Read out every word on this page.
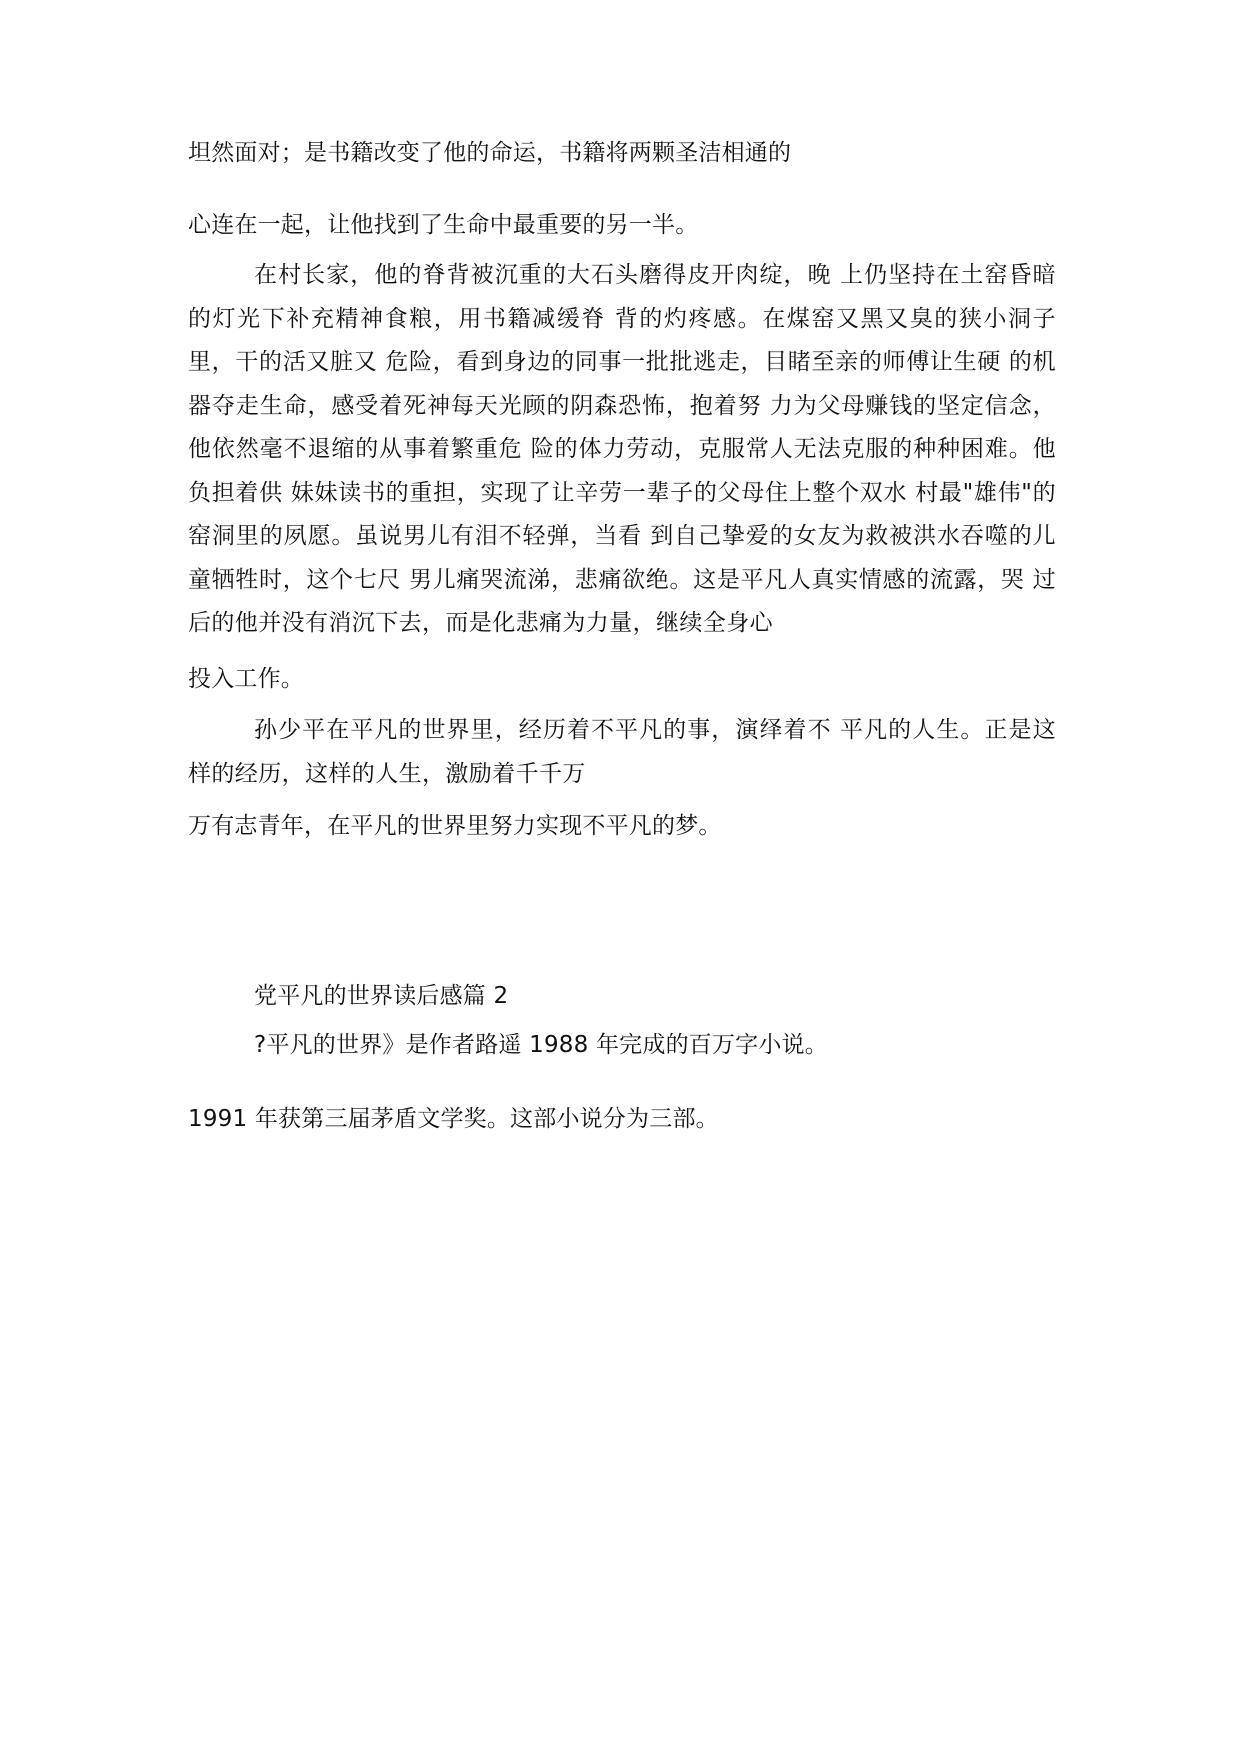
坦然面对；是书籍改变了他的命运，书籍将两颗圣洁相通的
心连在一起，让他找到了生命中最重要的另一半。
在村长家，他的脊背被沉重的大石头磨得皮开肉绽，晚 上仍坚持在土窑昏暗的灯光下补充精神食粮，用书籍减缓脊 背的灼疼感。在煤窑又黑又臭的狭小洞子里，干的活又脏又 危险，看到身边的同事一批批逃走，目睹至亲的师傅让生硬 的机器夺走生命，感受着死神每天光顾的阴森恐怖，抱着努 力为父母赚钱的坚定信念，他依然毫不退缩的从事着繁重危 险的体力劳动，克服常人无法克服的种种困难。他负担着供 妹妹读书的重担，实现了让辛劳一辈子的父母住上整个双水 村最"雄伟"的窑洞里的夙愿。虽说男儿有泪不轻弹，当看 到自己挚爱的女友为救被洪水吞噬的儿童牺牲时，这个七尺 男儿痛哭流涕，悲痛欲绝。这是平凡人真实情感的流露，哭 过后的他并没有消沉下去，而是化悲痛为力量，继续全身心
投入工作。
孙少平在平凡的世界里，经历着不平凡的事，演绎着不 平凡的人生。正是这样的经历，这样的人生，激励着千千万
万有志青年，在平凡的世界里努力实现不平凡的梦。
党平凡的世界读后感篇 2
?平凡的世界》是作者路遥 1988 年完成的百万字小说。
1991 年获第三届茅盾文学奖。这部小说分为三部。
